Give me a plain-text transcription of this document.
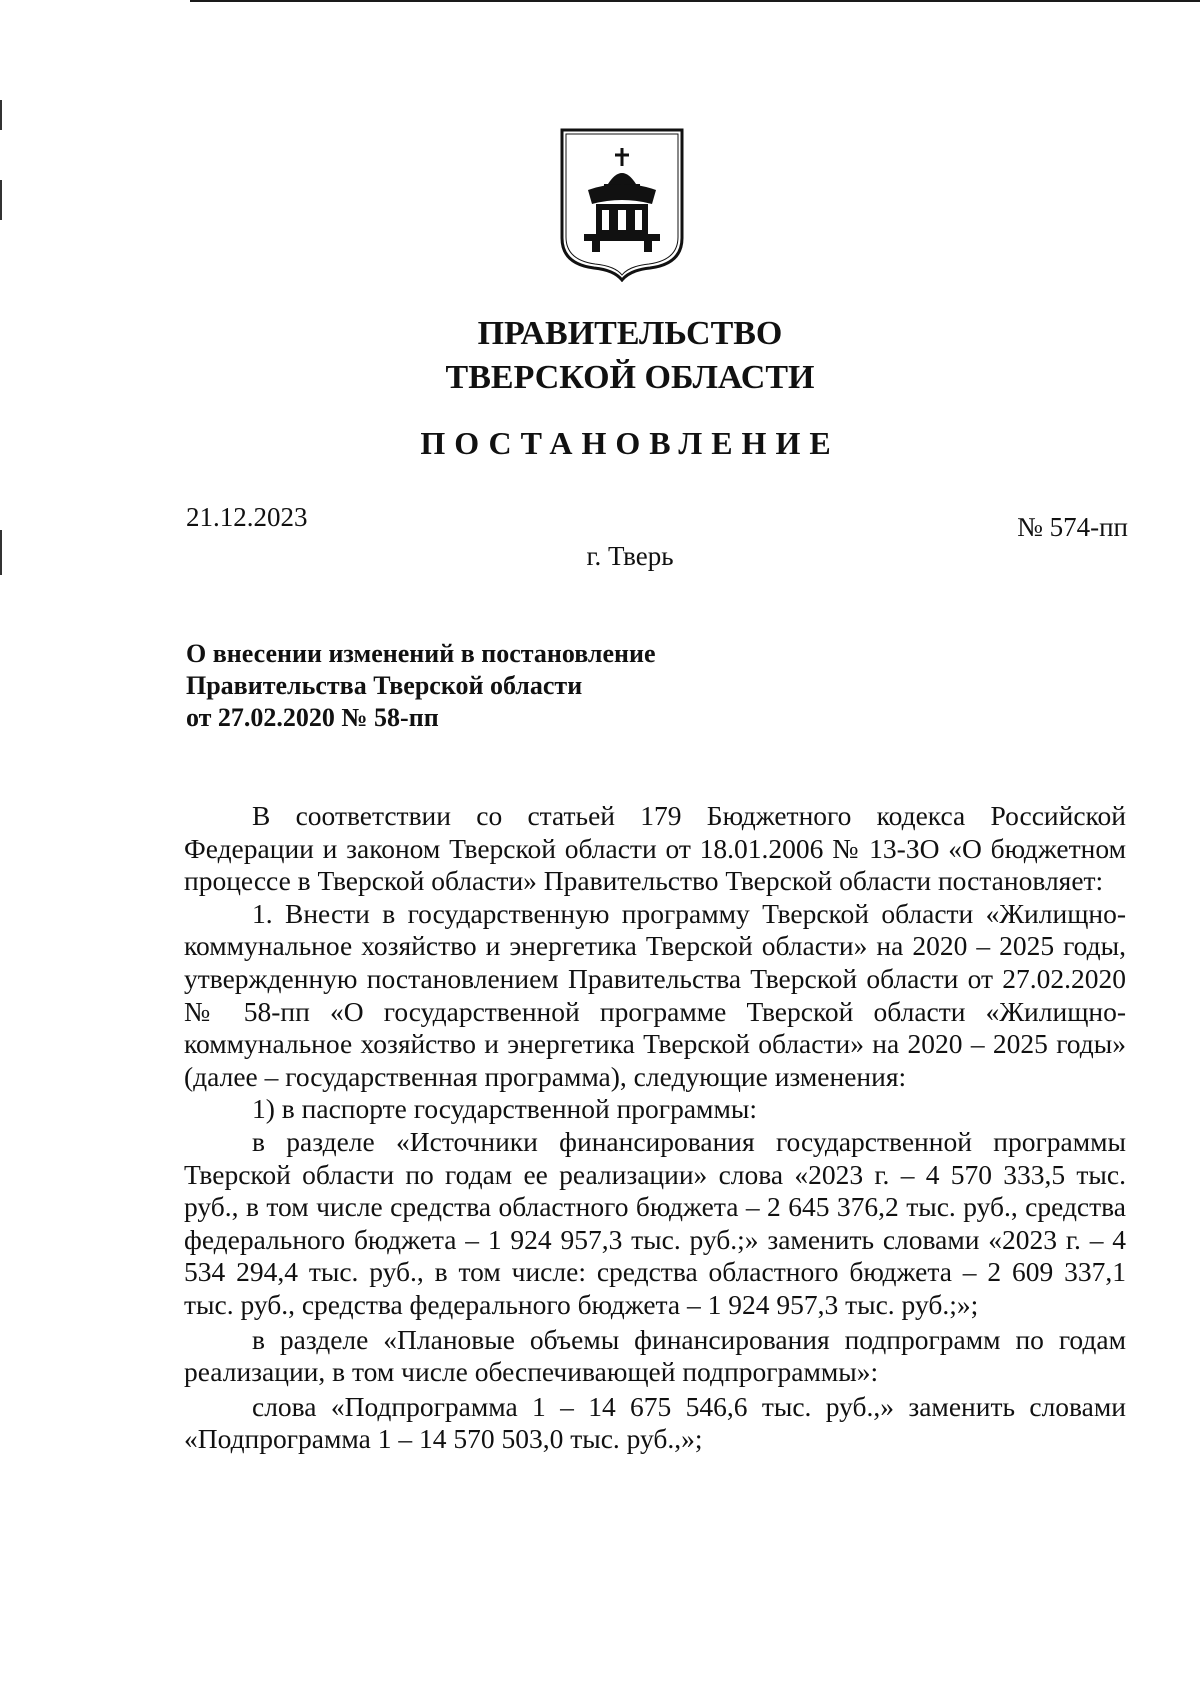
ПРАВИТЕЛЬСТВО
ТВЕРСКОЙ ОБЛАСТИ
ПОСТАНОВЛЕНИЕ
21.12.2023	№ 574-пп
г. Тверь
О внесении изменений в постановление
Правительства Тверской области
от 27.02.2020 № 58-пп

В соответствии со статьей 179 Бюджетного кодекса Российской Федерации и законом Тверской области от 18.01.2006 № 13-ЗО «О бюджетном процессе в Тверской области» Правительство Тверской области постановляет:

1. Внести в государственную программу Тверской области «Жилищно-коммунальное хозяйство и энергетика Тверской области» на 2020 – 2025 годы, утвержденную постановлением Правительства Тверской области от 27.02.2020 № 58-пп «О государственной программе Тверской области «Жилищно-коммунальное хозяйство и энергетика Тверской области» на 2020 – 2025 годы» (далее – государственная программа), следующие изменения:

1) в паспорте государственной программы:

в разделе «Источники финансирования государственной программы Тверской области по годам ее реализации» слова «2023 г. – 4 570 333,5 тыс. руб., в том числе средства областного бюджета – 2 645 376,2 тыс. руб., средства федерального бюджета – 1 924 957,3 тыс. руб.;» заменить словами «2023 г. – 4 534 294,4 тыс. руб., в том числе: средства областного бюджета – 2 609 337,1 тыс. руб., средства федерального бюджета – 1 924 957,3 тыс. руб.;»;

в разделе «Плановые объемы финансирования подпрограмм по годам реализации, в том числе обеспечивающей подпрограммы»:

слова «Подпрограмма 1 – 14 675 546,6 тыс. руб.,» заменить словами «Подпрограмма 1 – 14 570 503,0 тыс. руб.,»;
